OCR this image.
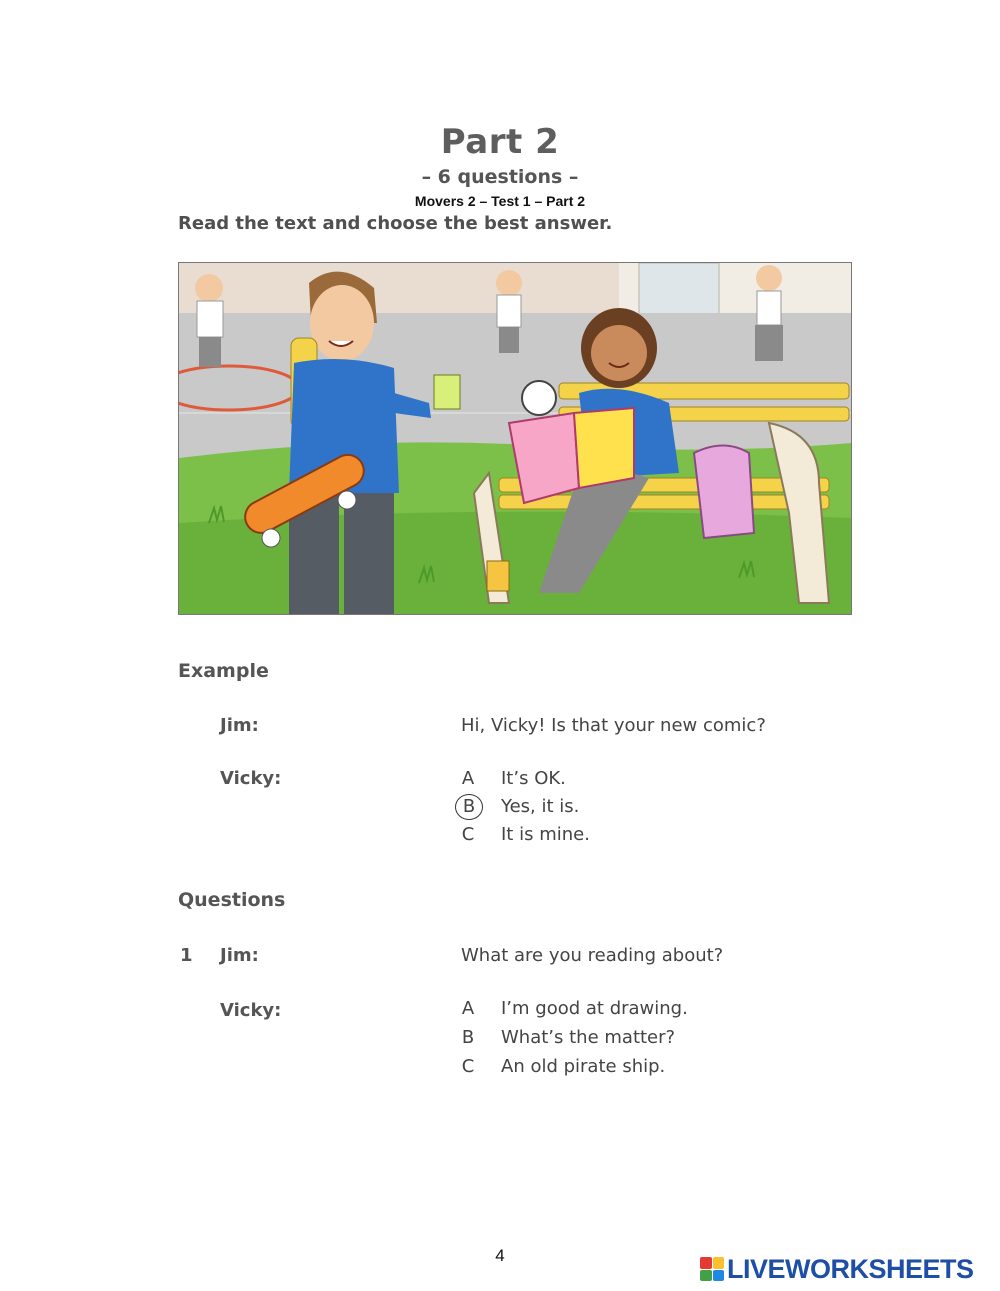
Part 2
– 6 questions –
Movers 2 – Test 1 – Part 2
Read the text and choose the best answer.
Example
Jim:	Hi, Vicky! Is that your new comic?
Vicky:	A	It’s OK.
B	Yes, it is.
C	It is mine.
Questions
1 Jim:	What are you reading about?
Vicky:	A	I’m good at drawing.
B	What’s the matter?
C	An old pirate ship.
4	LIVEWORKSHEETS
